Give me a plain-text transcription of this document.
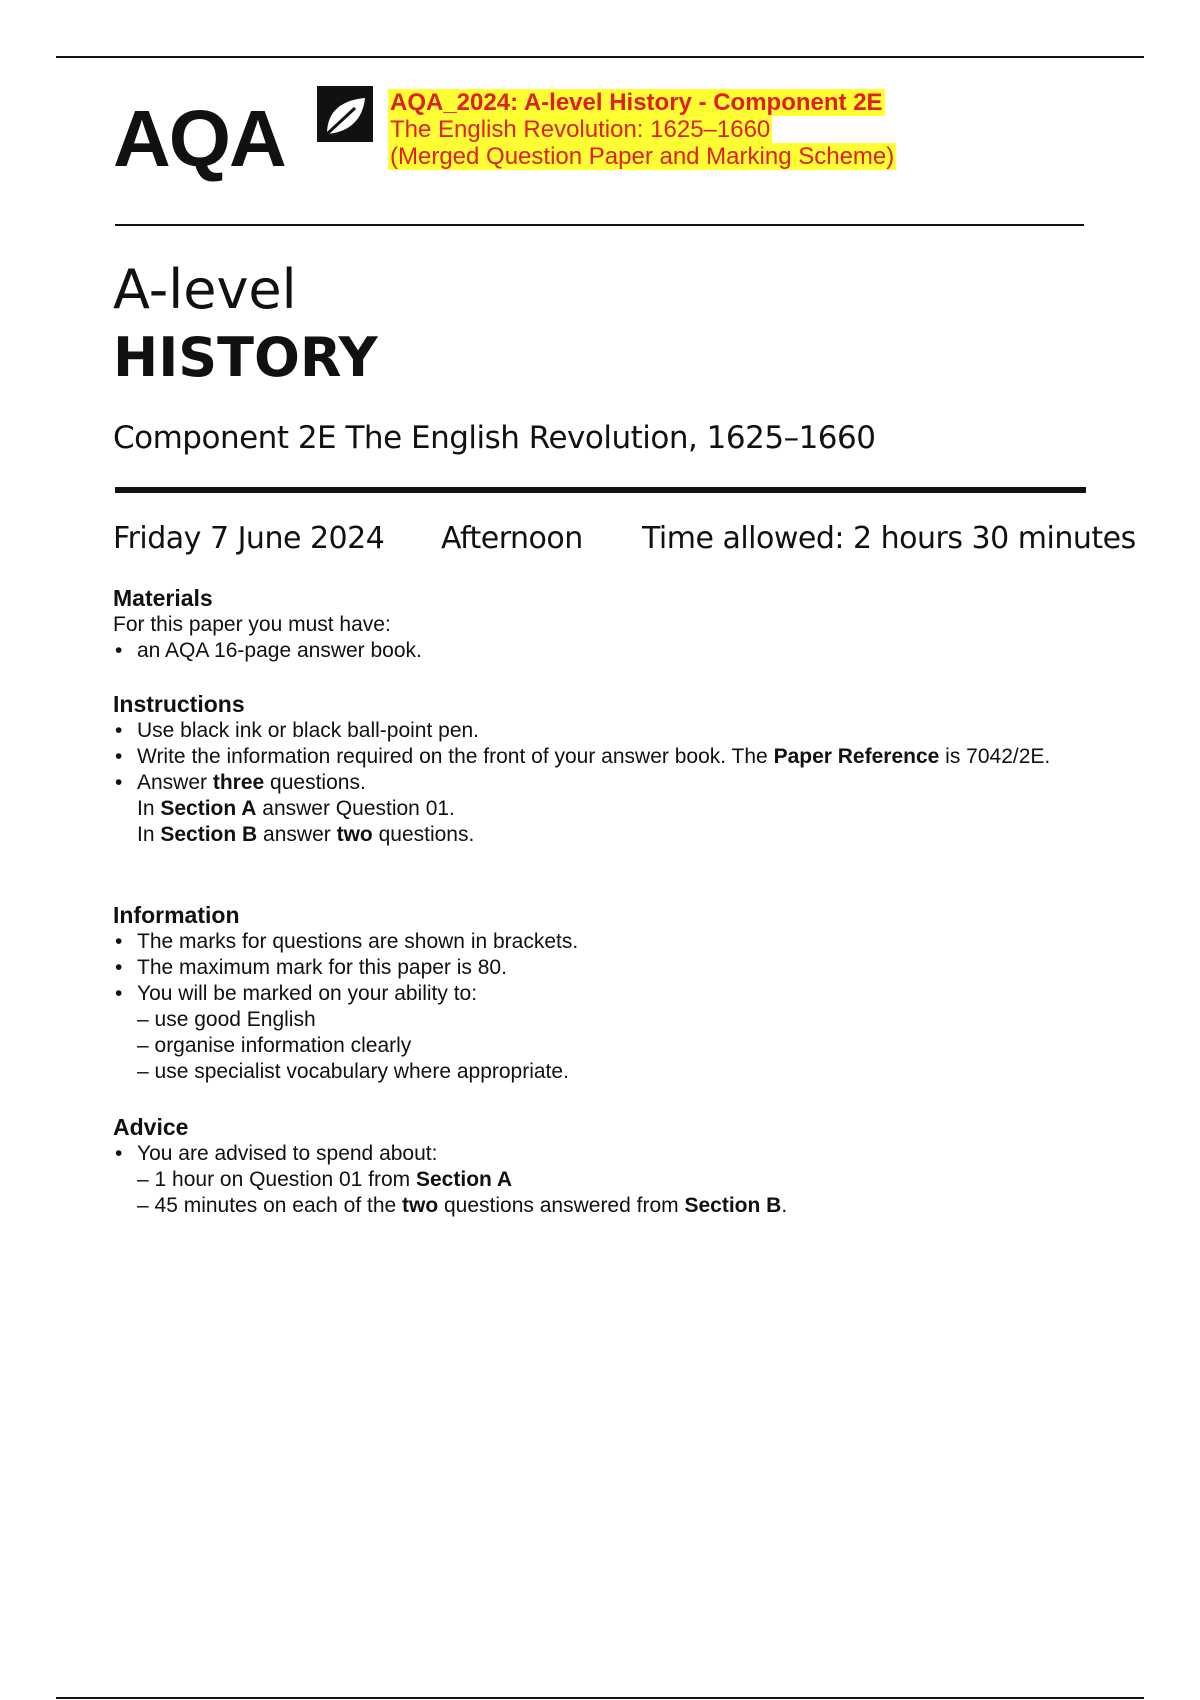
AQA	AQA_2024: A-level History - Component 2E
The English Revolution: 1625–1660
(Merged Question Paper and Marking Scheme)
A-level
HISTORY
Component 2E The English Revolution, 1625–1660
Friday 7 June 2024 Afternoon Time allowed: 2 hours 30 minutes
Materials

For this paper you must have:

• an AQA 16-page answer book.
Instructions
• Use black ink or black ball-point pen.
• Write the information required on the front of your answer book. The Paper Reference is 7042/2E.
• Answer three questions.
In Section A answer Question 01.
In Section B answer two questions.
Information
• The marks for questions are shown in brackets.
• The maximum mark for this paper is 80.
• You will be marked on your ability to:
– use good English
– organise information clearly
– use specialist vocabulary where appropriate.
Advice
• You are advised to spend about:
– 1 hour on Question 01 from Section A
– 45 minutes on each of the two questions answered from Section B.
